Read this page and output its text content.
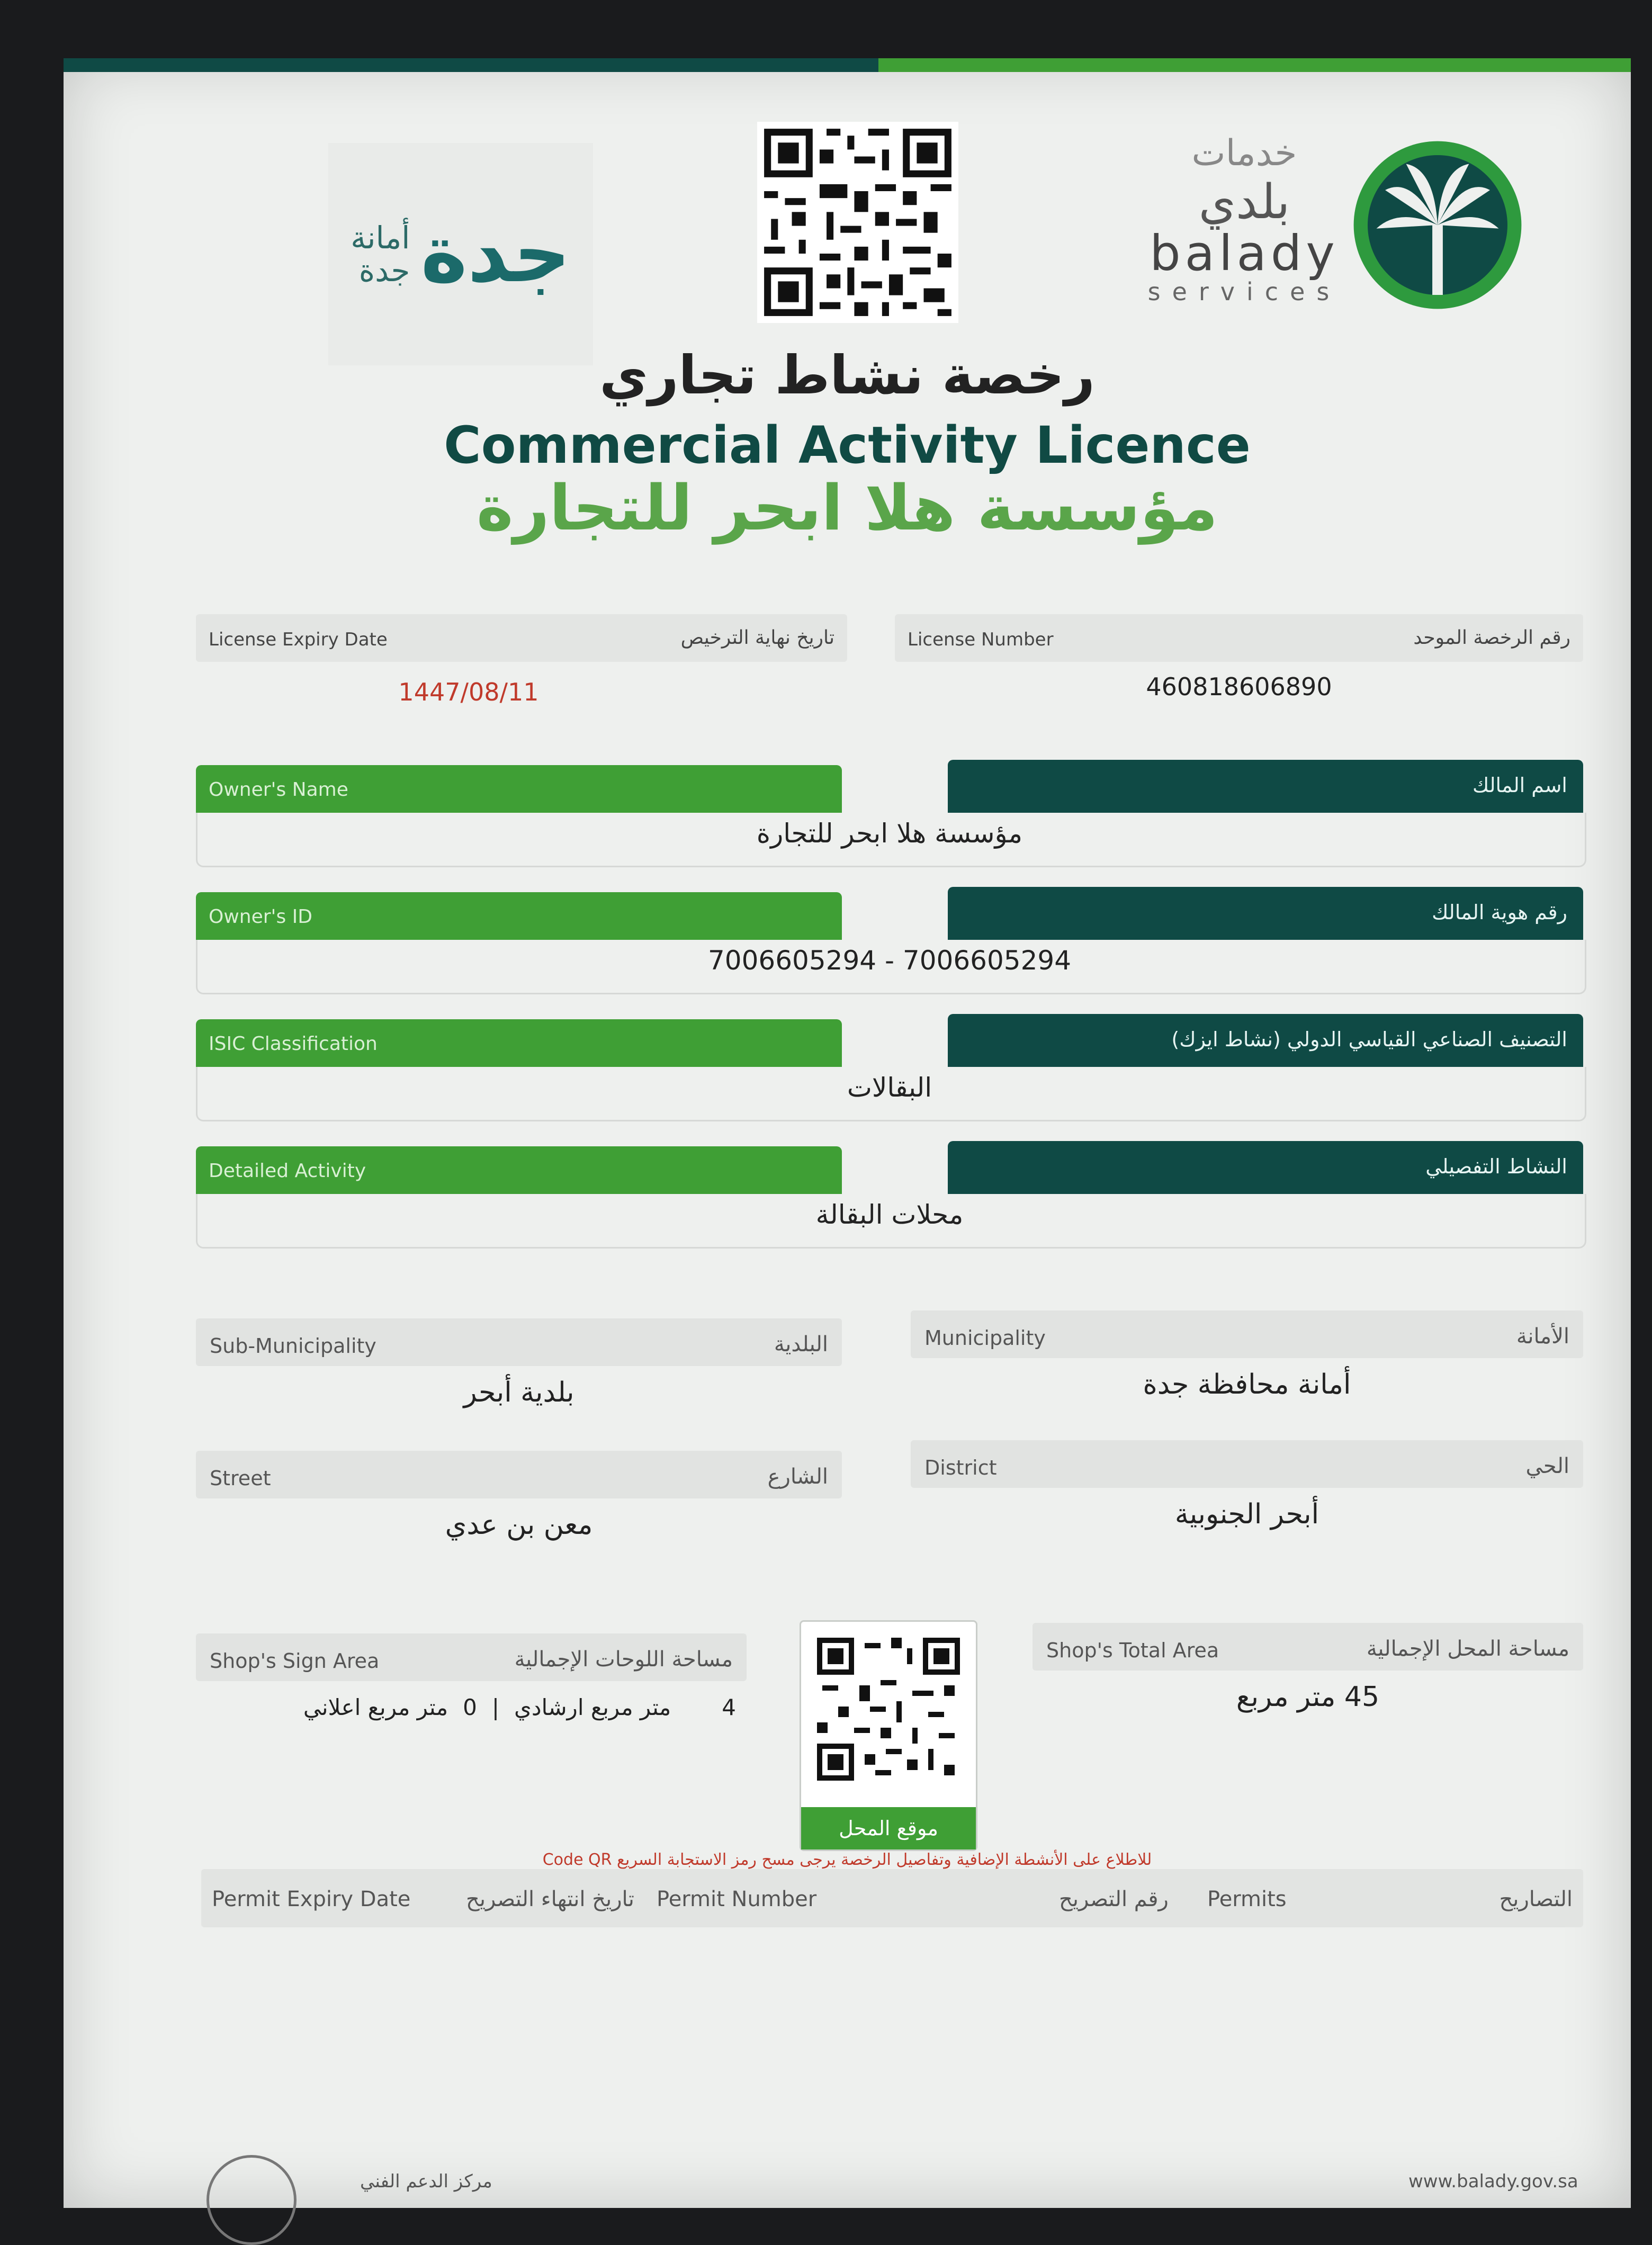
أمانة
جدة جدة
خدمات
بلدي
balady
services
رخصة نشاط تجاري
Commercial Activity Licence
مؤسسة هلا ابحر للتجارة
License Expiry Date	تاريخ نهاية الترخيص
1447/08/11
License Number	رقم الرخصة الموحد
460818606890
Owner's Name	اسم المالك
مؤسسة هلا ابحر للتجارة
Owner's ID	رقم هوية المالك
7006605294 - 7006605294
ISIC Classification	التصنيف الصناعي القياسي الدولي (نشاط ايزك)
البقالات
Detailed Activity	النشاط التفصيلي
محلات البقالة
Sub-Municipality	البلدية
بلدية أبحر
Municipality	الأمانة
أمانة محافظة جدة
Street	الشارع
معن بن عدي
District	الحي
أبحر الجنوبية
Shop's Sign Area	مساحة اللوحات الإجمالية
4
متر مربع ارشادي
|
0
متر مربع اعلاني
Shop's Total Area	مساحة المحل الإجمالية
45 متر مربع
موقع المحل
للاطلاع على الأنشطة الإضافية وتفاصيل الرخصة يرجى مسح رمز الاستجابة السريع Code QR
Permit Expiry Date	تاريخ انتهاء التصريح Permit Number	رقم التصريح Permits	التصاريح
مركز الدعم الفني	www.balady.gov.sa
